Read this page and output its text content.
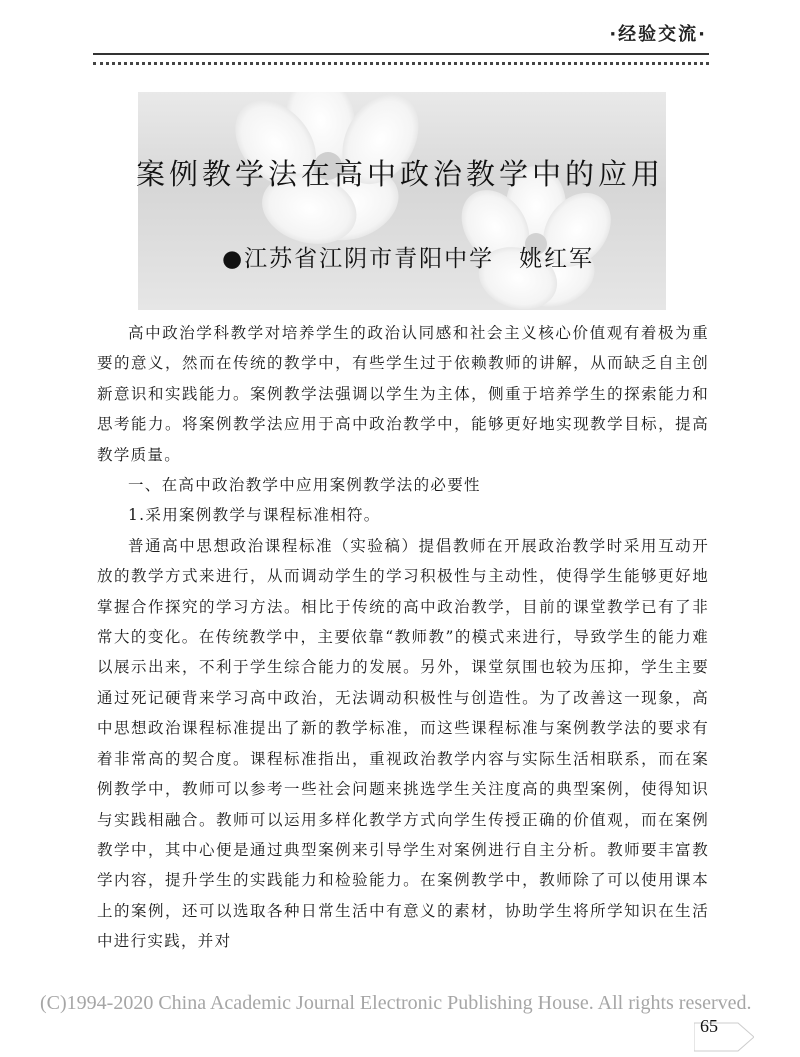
·经验交流·
案例教学法在高中政治教学中的应用
●江苏省江阴市青阳中学　姚红军

高中政治学科教学对培养学生的政治认同感和社会主义核心价值观有着极为重要的意义，然而在传统的教学中，有些学生过于依赖教师的讲解，从而缺乏自主创新意识和实践能力。案例教学法强调以学生为主体，侧重于培养学生的探索能力和思考能力。将案例教学法应用于高中政治教学中，能够更好地实现教学目标，提高教学质量。

一、在高中政治教学中应用案例教学法的必要性

1.采用案例教学与课程标准相符。

普通高中思想政治课程标准（实验稿）提倡教师在开展政治教学时采用互动开放的教学方式来进行，从而调动学生的学习积极性与主动性，使得学生能够更好地掌握合作探究的学习方法。相比于传统的高中政治教学，目前的课堂教学已有了非常大的变化。在传统教学中，主要依靠“教师教”的模式来进行，导致学生的能力难以展示出来，不利于学生综合能力的发展。另外，课堂氛围也较为压抑，学生主要通过死记硬背来学习高中政治，无法调动积极性与创造性。为了改善这一现象，高中思想政治课程标准提出了新的教学标准，而这些课程标准与案例教学法的要求有着非常高的契合度。课程标准指出，重视政治教学内容与实际生活相联系，而在案例教学中，教师可以参考一些社会问题来挑选学生关注度高的典型案例，使得知识与实践相融合。教师可以运用多样化教学方式向学生传授正确的价值观，而在案例教学中，其中心便是通过典型案例来引导学生对案例进行自主分析。教师要丰富教学内容，提升学生的实践能力和检验能力。在案例教学中，教师除了可以使用课本上的案例，还可以选取各种日常生活中有意义的素材，协助学生将所学知识在生活中进行实践，并对

(C)1994-2020 China Academic Journal Electronic Publishing House. All rights reserved.
65
